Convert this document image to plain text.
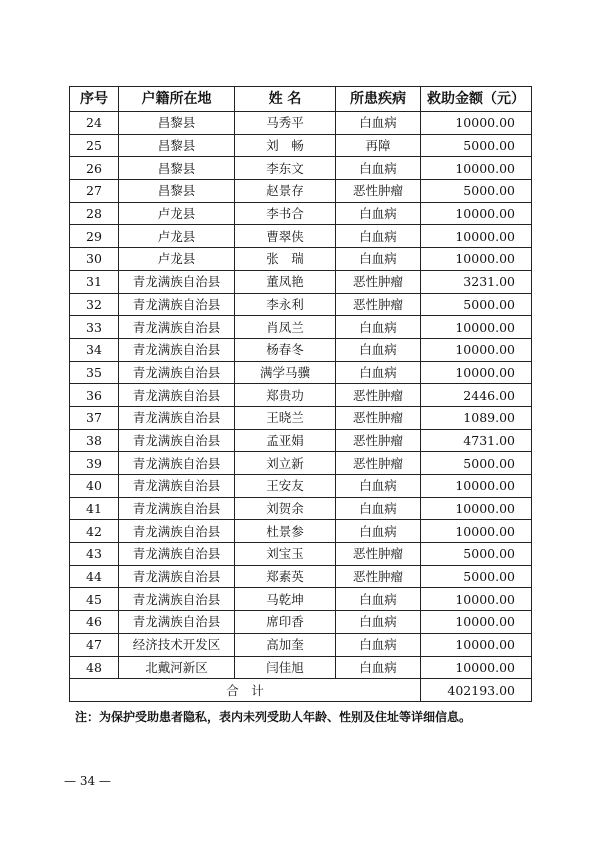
序号	户籍所在地	姓 名	所患疾病	救助金额（元）
24	昌黎县	马秀平	白血病	10000.00
25	昌黎县	刘　畅	再障	5000.00
26	昌黎县	李东文	白血病	10000.00
27	昌黎县	赵景存	恶性肿瘤	5000.00
28	卢龙县	李书合	白血病	10000.00
29	卢龙县	曹翠侠	白血病	10000.00
30	卢龙县	张　瑞	白血病	10000.00
31	青龙满族自治县	董凤艳	恶性肿瘤	3231.00
32	青龙满族自治县	李永利	恶性肿瘤	5000.00
33	青龙满族自治县	肖凤兰	白血病	10000.00
34	青龙满族自治县	杨春冬	白血病	10000.00
35	青龙满族自治县	满学马骥	白血病	10000.00
36	青龙满族自治县	郑贵功	恶性肿瘤	2446.00
37	青龙满族自治县	王晓兰	恶性肿瘤	1089.00
38	青龙满族自治县	孟亚娟	恶性肿瘤	4731.00
39	青龙满族自治县	刘立新	恶性肿瘤	5000.00
40	青龙满族自治县	王安友	白血病	10000.00
41	青龙满族自治县	刘贺余	白血病	10000.00
42	青龙满族自治县	杜景参	白血病	10000.00
43	青龙满族自治县	刘宝玉	恶性肿瘤	5000.00
44	青龙满族自治县	郑素英	恶性肿瘤	5000.00
45	青龙满族自治县	马乾坤	白血病	10000.00
46	青龙满族自治县	席印香	白血病	10000.00
47	经济技术开发区	高加奎	白血病	10000.00
48	北戴河新区	闫佳旭	白血病	10000.00
合　计				402193.00
注：为保护受助患者隐私，表内未列受助人年龄、性别及住址等详细信息。
— 34 —
